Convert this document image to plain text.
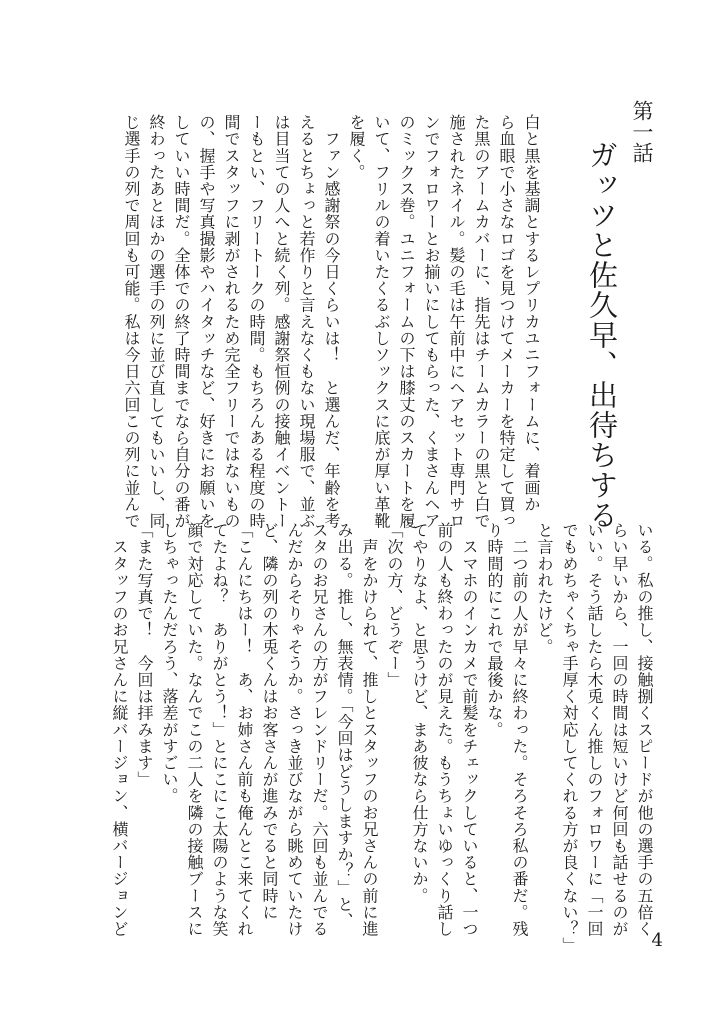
第一話

ガッツと佐久早、出待ちする

白と黒を基調とするレプリカユニフォームに、着画か

ら血眼で小さなロゴを見つけてメーカーを特定して買っ

た黒のアームカバーに、指先はチームカラーの黒と白で

施されたネイル。髪の毛は午前中にヘアセット専門サロ

ンでフォロワーとお揃いにしてもらった、くまさんヘア

のミックス巻。ユニフォームの下は膝丈のスカートを履

いて、フリルの着いたくるぶしソックスに底が厚い革靴

を履く。

　ファン感謝祭の今日くらいは！　と選んだ、年齢を考

えるとちょっと若作りと言えなくもない現場服で、並ぶ

は目当ての人へと続く列。感謝祭恒例の接触イベントー

ーもとい、フリートークの時間。もちろんある程度の時

間でスタッフに剥がされるため完全フリーではないもの

の、握手や写真撮影やハイタッチなど、好きにお願いを

していい時間だ。全体での終了時間までなら自分の番が

終わったあとほかの選手の列に並び直してもいいし、同

じ選手の列で周回も可能。私は今日六回この列に並んで

いる。私の推し、接触捌くスピードが他の選手の五倍く

らい早いから、一回の時間は短いけど何回も話せるのが

いい。そう話したら木兎くん推しのフォロワーに「一回

でもめちゃくちゃ手厚く対応してくれる方が良くない？」

と言われたけど。

　二つ前の人が早々に終わった。そろそろ私の番だ。残

り時間的にこれで最後かな。

　スマホのインカメで前髪をチェックしていると、一つ

前の人も終わったのが見えた。もうちょいゆっくり話し

てやりなよ、と思うけど、まあ彼なら仕方ないか。

「次の方、どうぞー」

　声をかけられて、推しとスタッフのお兄さんの前に進

み出る。推し、無表情。「今回はどうしますか？」と、

スタのお兄さんの方がフレンドリーだ。六回も並んでる

んだからそりゃそうか。さっき並びながら眺めていたけ

ど、隣の列の木兎くんはお客さんが進みでると同時に

「こんにちはー！　あ、お姉さん前も俺んとこ来てくれ

てたよね？　ありがとう！」とにこにこ太陽のような笑

顔で対応していた。なんでこの二人を隣の接触ブースに

しちゃったんだろう、落差がすごい。

「また写真で！　今回は拝みます」

　スタッフのお兄さんに縦バージョン、横バージョンど

4
